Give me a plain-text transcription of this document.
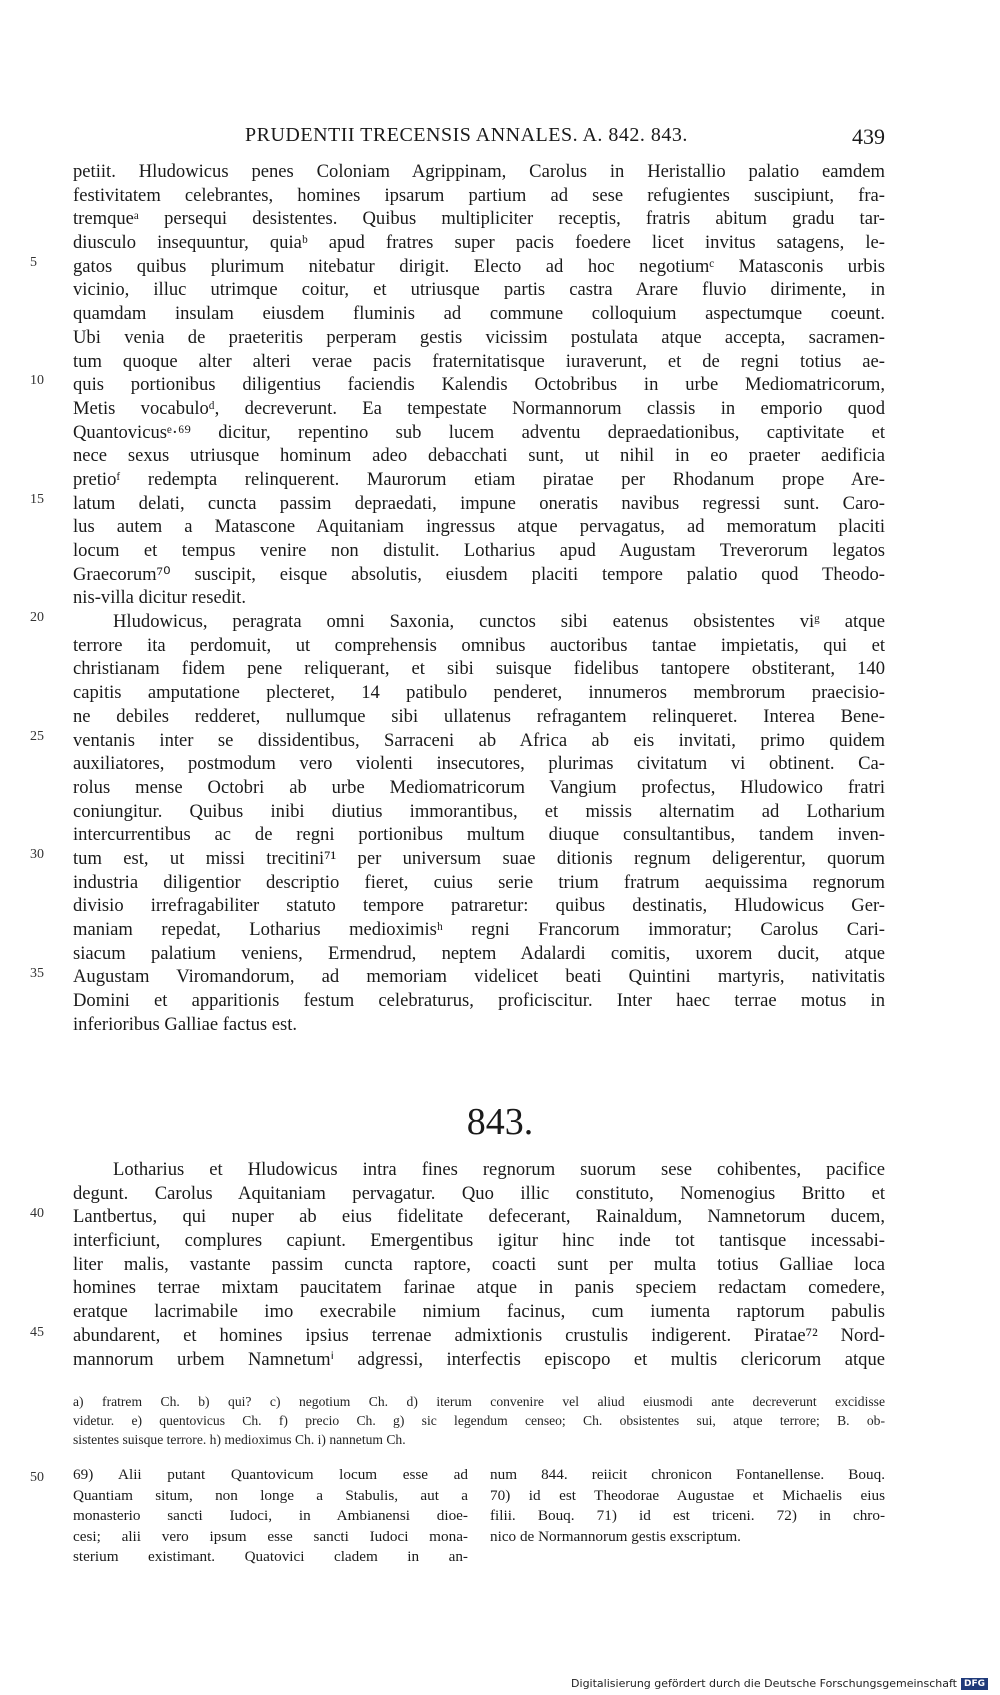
PRUDENTII TRECENSIS ANNALES. A. 842. 843.	439
petiit. Hludowicus penes Coloniam Agrippinam, Carolus in Heristallio palatio eamdem
festivitatem celebrantes, homines ipsarum partium ad sese refugientes suscipiunt, fra-
tremqueᵃ persequi desistentes. Quibus multipliciter receptis, fratris abitum gradu tar-
diusculo insequuntur, quiaᵇ apud fratres super pacis foedere licet invitus satagens, le-
gatos quibus plurimum nitebatur dirigit. Electo ad hoc negotiumᶜ Matasconis urbis
vicinio, illuc utrimque coitur, et utriusque partis castra Arare fluvio dirimente, in
quamdam insulam eiusdem fluminis ad commune colloquium aspectumque coeunt.
Ubi venia de praeteritis perperam gestis vicissim postulata atque accepta, sacramen-
tum quoque alter alteri verae pacis fraternitatisque iuraverunt, et de regni totius ae-
quis portionibus diligentius faciendis Kalendis Octobribus in urbe Mediomatricorum,
Metis vocabuloᵈ, decreverunt. Ea tempestate Normannorum classis in emporio quod
Quantovicusᵉ·⁶⁹ dicitur, repentino sub lucem adventu depraedationibus, captivitate et
nece sexus utriusque hominum adeo debacchati sunt, ut nihil in eo praeter aedificia
pretioᶠ redempta relinquerent. Maurorum etiam piratae per Rhodanum prope Are-
latum delati, cuncta passim depraedati, impune oneratis navibus regressi sunt. Caro-
lus autem a Matascone Aquitaniam ingressus atque pervagatus, ad memoratum placiti
locum et tempus venire non distulit. Lotharius apud Augustam Treverorum legatos
Graecorum⁷⁰ suscipit, eisque absolutis, eiusdem placiti tempore palatio quod Theodo-
nis-villa dicitur resedit.
Hludowicus, peragrata omni Saxonia, cunctos sibi eatenus obsistentes viᵍ atque
terrore ita perdomuit, ut comprehensis omnibus auctoribus tantae impietatis, qui et
christianam fidem pene reliquerant, et sibi suisque fidelibus tantopere obstiterant, 140
capitis amputatione plecteret, 14 patibulo penderet, innumeros membrorum praecisio-
ne debiles redderet, nullumque sibi ullatenus refragantem relinqueret. Interea Bene-
ventanis inter se dissidentibus, Sarraceni ab Africa ab eis invitati, primo quidem
auxiliatores, postmodum vero violenti insecutores, plurimas civitatum vi obtinent. Ca-
rolus mense Octobri ab urbe Mediomatricorum Vangium profectus, Hludowico fratri
coniungitur. Quibus inibi diutius immorantibus, et missis alternatim ad Lotharium
intercurrentibus ac de regni portionibus multum diuque consultantibus, tandem inven-
tum est, ut missi trecitini⁷¹ per universum suae ditionis regnum deligerentur, quorum
industria diligentior descriptio fieret, cuius serie trium fratrum aequissima regnorum
divisio irrefragabiliter statuto tempore patraretur: quibus destinatis, Hludowicus Ger-
maniam repedat, Lotharius medioximisʰ regni Francorum immoratur; Carolus Cari-
siacum palatium veniens, Ermendrud, neptem Adalardi comitis, uxorem ducit, atque
Augustam Viromandorum, ad memoriam videlicet beati Quintini martyris, nativitatis
Domini et apparitionis festum celebraturus, proficiscitur. Inter haec terrae motus in
inferioribus Galliae factus est.
843.
Lotharius et Hludowicus intra fines regnorum suorum sese cohibentes, pacifice
degunt. Carolus Aquitaniam pervagatur. Quo illic constituto, Nomenogius Britto et
Lantbertus, qui nuper ab eius fidelitate defecerant, Rainaldum, Namnetorum ducem,
interficiunt, complures capiunt. Emergentibus igitur hinc inde tot tantisque incessabi-
liter malis, vastante passim cuncta raptore, coacti sunt per multa totius Galliae loca
homines terrae mixtam paucitatem farinae atque in panis speciem redactam comedere,
eratque lacrimabile imo execrabile nimium facinus, cum iumenta raptorum pabulis
abundarent, et homines ipsius terrenae admixtionis crustulis indigerent. Piratae⁷² Nord-
mannorum urbem Namnetumⁱ adgressi, interfectis episcopo et multis clericorum atque
5
10
15
20
25
30
35
40
45
50
a) fratrem Ch. b) qui? c) negotium Ch. d) iterum convenire vel aliud eiusmodi ante decreverunt excidisse
videtur. e) quentovicus Ch. f) precio Ch. g) sic legendum censeo; Ch. obsistentes sui, atque terrore; B. ob-
sistentes suisque terrore. h) medioximus Ch. i) nannetum Ch.
69) Alii putant Quantovicum locum esse ad
Quantiam situm, non longe a Stabulis, aut a
monasterio sancti Iudoci, in Ambianensi dioe-
cesi; alii vero ipsum esse sancti Iudoci mona-
sterium existimant. Quatovici cladem in an-
num 844. reiicit chronicon Fontanellense. Bouq.
70) id est Theodorae Augustae et Michaelis eius
filii. Bouq. 71) id est triceni. 72) in chro-
nico de Normannorum gestis exscriptum.
Digitalisierung gefördert durch die Deutsche Forschungsgemeinschaft DFG
